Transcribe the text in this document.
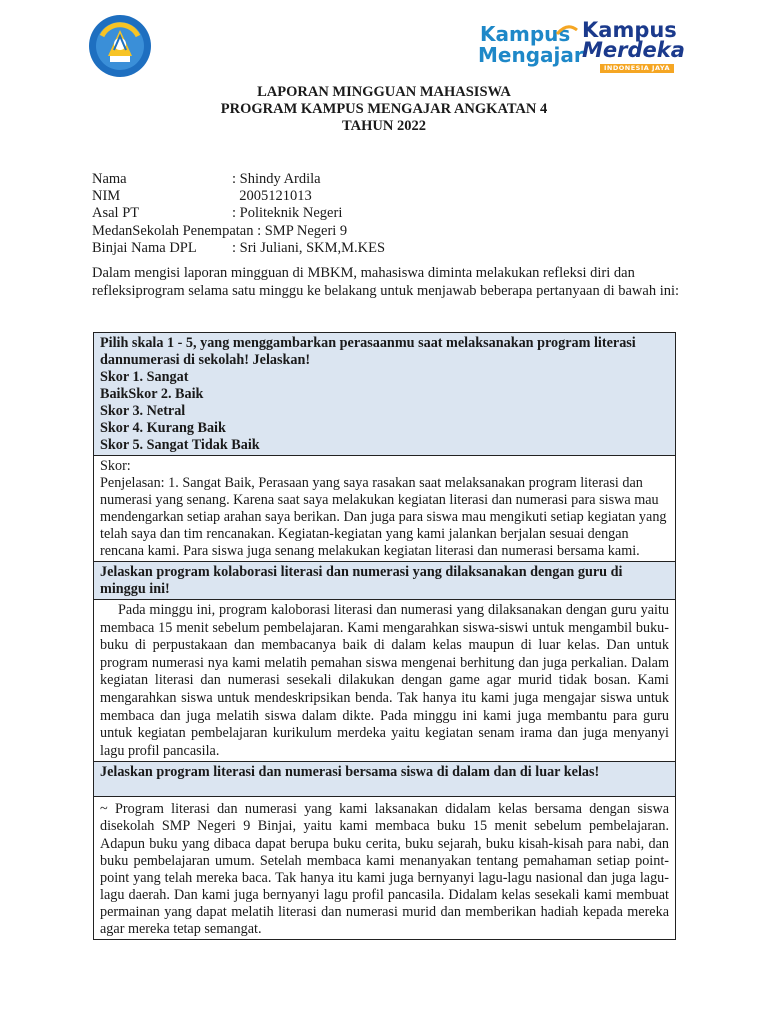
Kampus
Mengajar
Kampus
Merdeka
INDONESIA JAYA
LAPORAN MINGGUAN MAHASISWA
PROGRAM KAMPUS MENGAJAR ANGKATAN 4
TAHUN 2022
Nama	: Shindy Ardila
NIM	2005121013
Asal PT	: Politeknik Negeri
MedanSekolah Penempatan : SMP Negeri 9
Binjai Nama DPL : Sri Juliani, SKM,M.KES
Dalam mengisi laporan mingguan di MBKM, mahasiswa diminta melakukan refleksi diri dan refleksiprogram selama satu minggu ke belakang untuk menjawab beberapa pertanyaan di bawah ini:
Pilih skala 1 - 5, yang menggambarkan perasaanmu saat melaksanakan program literasi dannumerasi di sekolah! Jelaskan!
Skor 1. Sangat
BaikSkor 2. Baik
Skor 3. Netral
Skor 4. Kurang Baik
Skor 5. Sangat Tidak Baik
Skor:
Penjelasan: 1. Sangat Baik, Perasaan yang saya rasakan saat melaksanakan program literasi dan numerasi yang senang. Karena saat saya melakukan kegiatan literasi dan numerasi para siswa mau mendengarkan setiap arahan saya berikan. Dan juga para siswa mau mengikuti setiap kegiatan yang telah saya dan tim rencanakan. Kegiatan-kegiatan yang kami jalankan berjalan sesuai dengan rencana kami. Para siswa juga senang melakukan kegiatan literasi dan numerasi bersama kami.
Jelaskan program kolaborasi literasi dan numerasi yang dilaksanakan dengan guru di minggu ini!
Pada minggu ini, program kaloborasi literasi dan numerasi yang dilaksanakan dengan guru yaitu membaca 15 menit sebelum pembelajaran. Kami mengarahkan siswa-siswi untuk mengambil buku-buku di perpustakaan dan membacanya baik di dalam kelas maupun di luar kelas. Dan untuk program numerasi nya kami melatih pemahan siswa mengenai berhitung dan juga perkalian. Dalam kegiatan literasi dan numerasi sesekali dilakukan dengan game agar murid tidak bosan. Kami mengarahkan siswa untuk mendeskripsikan benda. Tak hanya itu kami juga mengajar siswa untuk membaca dan juga melatih siswa dalam dikte. Pada minggu ini kami juga membantu para guru untuk kegiatan pembelajaran kurikulum merdeka yaitu kegiatan senam irama dan juga menyanyi lagu profil pancasila.
Jelaskan program literasi dan numerasi bersama siswa di dalam dan di luar kelas!
~ Program literasi dan numerasi yang kami laksanakan didalam kelas bersama dengan siswa disekolah SMP Negeri 9 Binjai, yaitu kami membaca buku 15 menit sebelum pembelajaran. Adapun buku yang dibaca dapat berupa buku cerita, buku sejarah, buku kisah-kisah para nabi, dan buku pembelajaran umum. Setelah membaca kami menanyakan tentang pemahaman setiap point-point yang telah mereka baca. Tak hanya itu kami juga bernyanyi lagu-lagu nasional dan juga lagu-lagu daerah. Dan kami juga bernyanyi lagu profil pancasila. Didalam kelas sesekali kami membuat permainan yang dapat melatih literasi dan numerasi murid dan memberikan hadiah kepada mereka agar mereka tetap semangat.
